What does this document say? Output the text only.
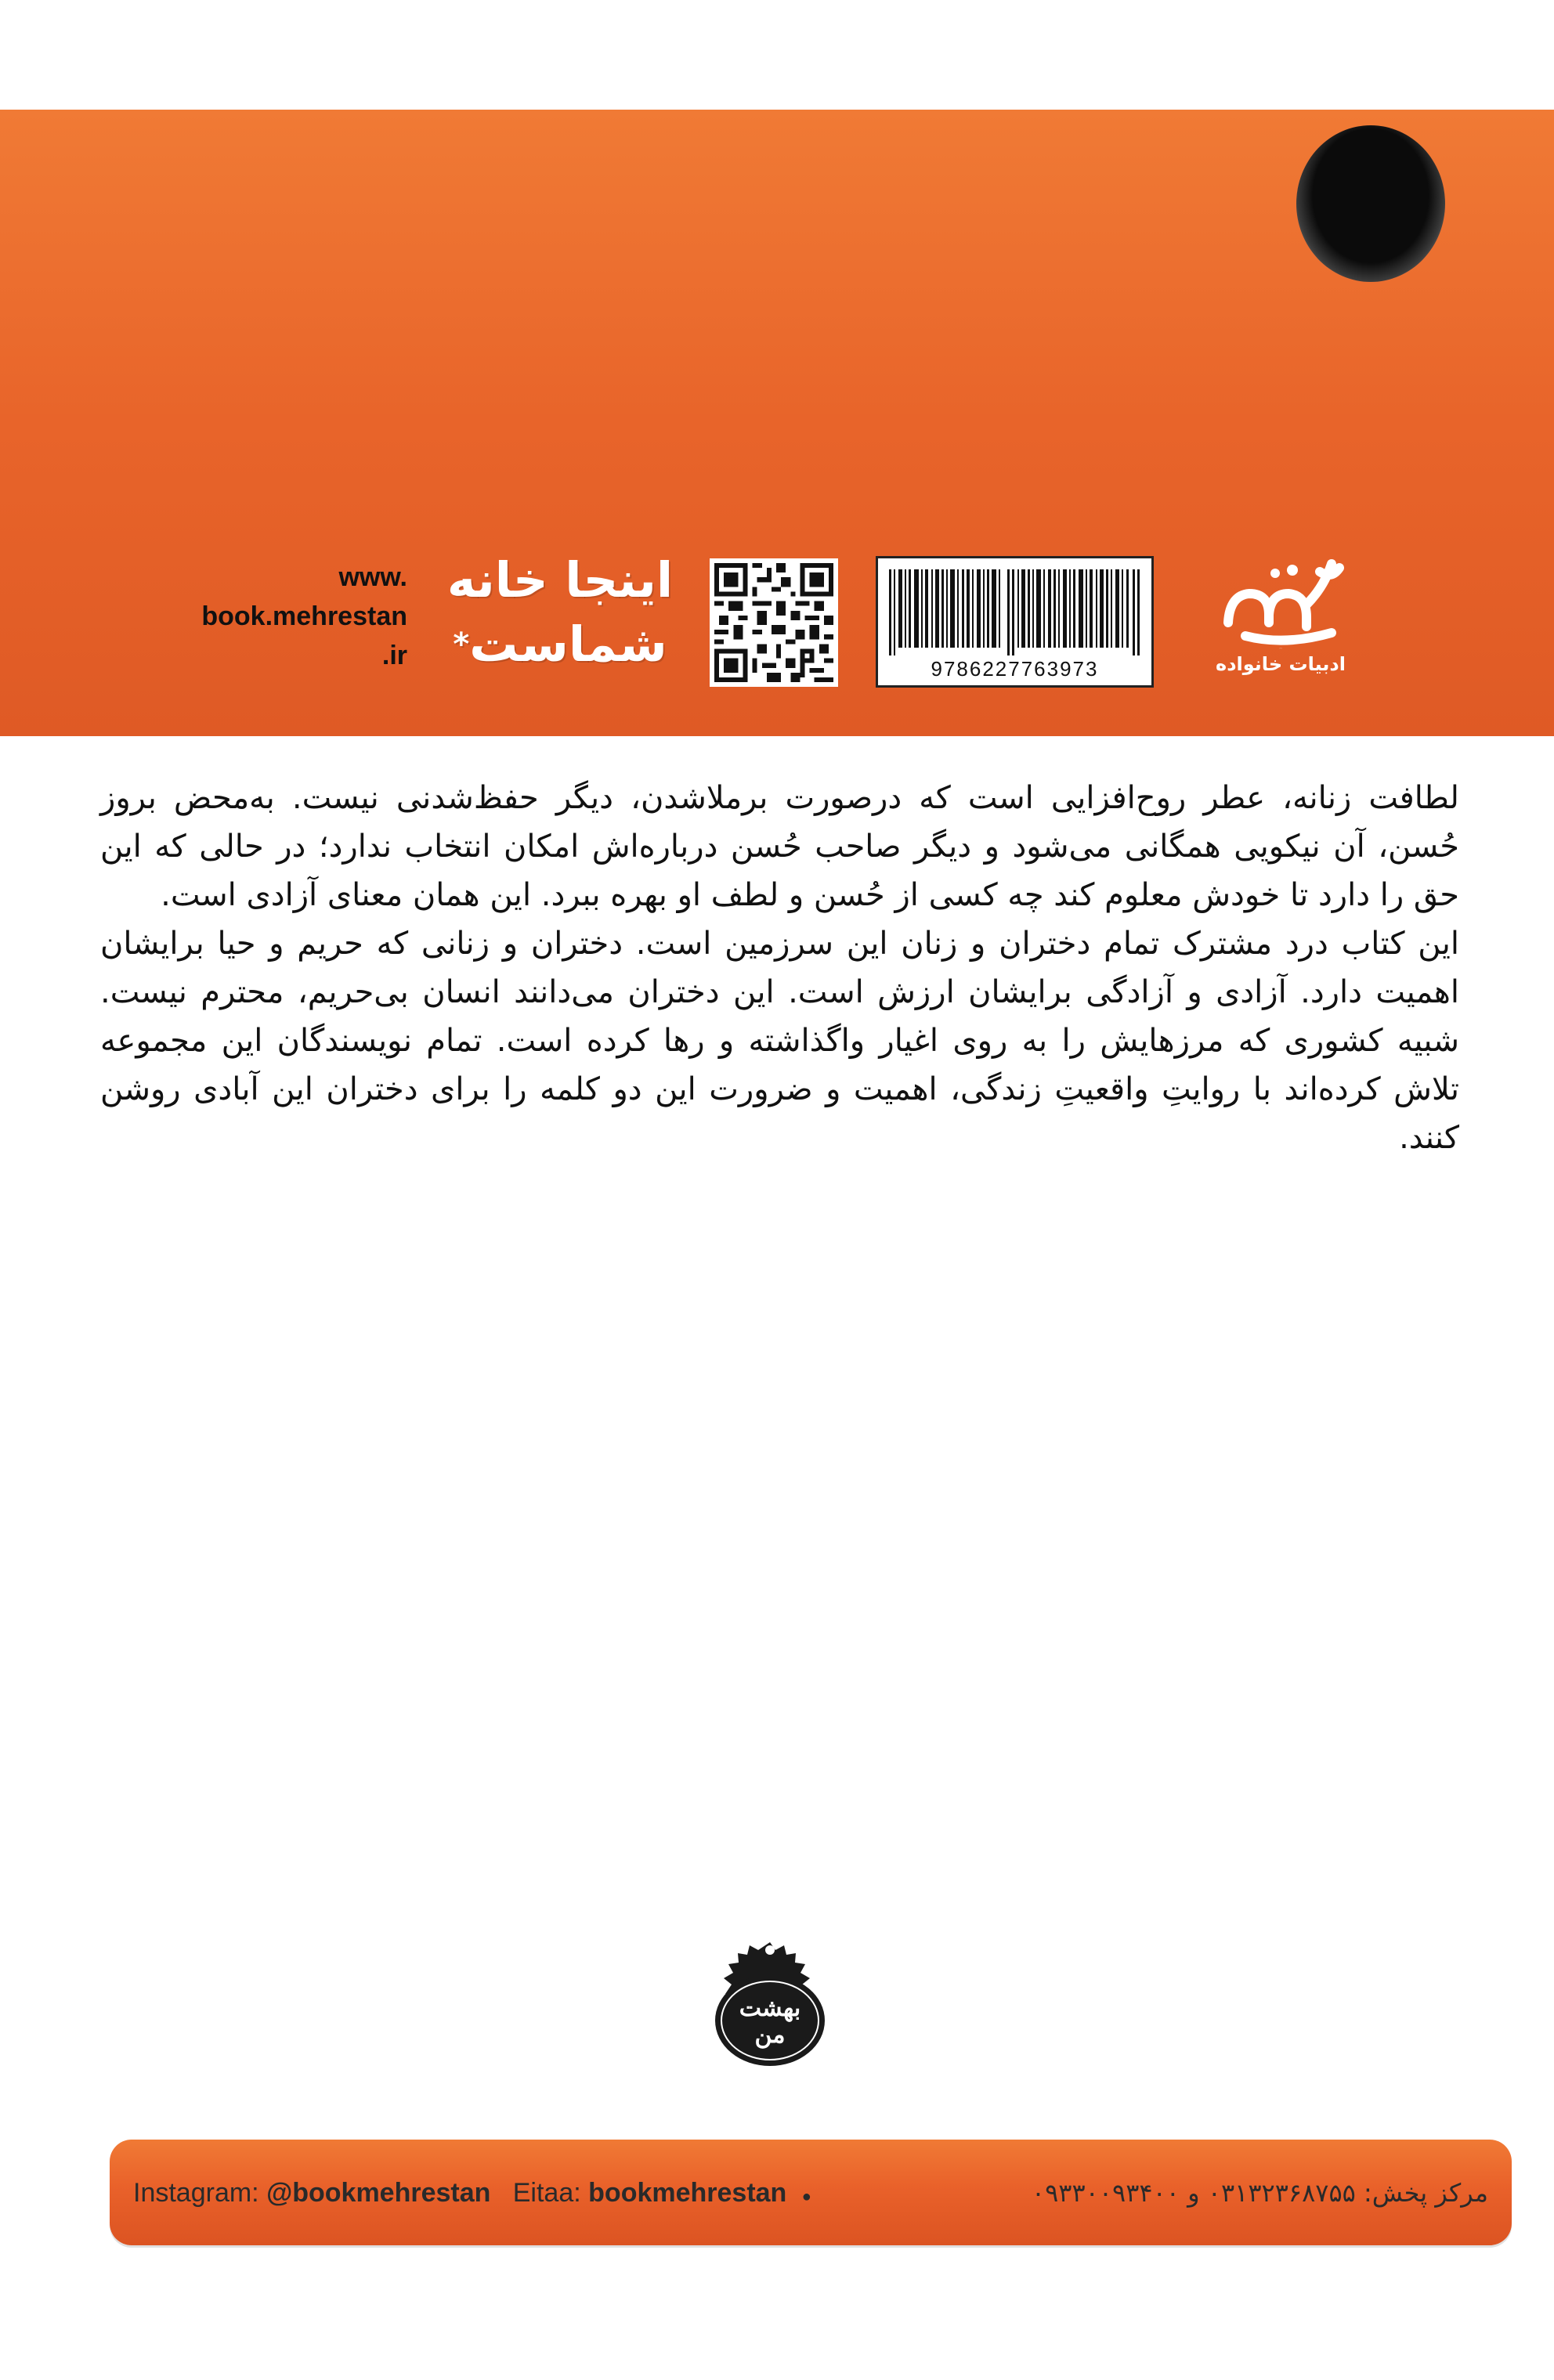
www.
book.mehrestan
.ir
اینجا خانه
شماست*
9786227763973
مهرستان
ادبیات خانواده

لطافت زنانه، عطر روح‌افزایی است که درصورت برملاشدن، دیگر حفظ‌شدنی نیست. به‌محض بروز حُسن، آن نیکویی همگانی می‌شود و دیگر صاحب حُسن درباره‌اش امکان انتخاب ندارد؛ در حالی‌ که این حق را دارد تا خودش معلوم کند چه کسی از حُسن و لطف او بهره ببرد. این همان معنای آزادی است.

این کتاب درد مشترک تمام دختران و زنان این سرزمین است. دختران و زنانی که حریم و حیا برایشان اهمیت دارد. آزادی و آزادگی برایشان ارزش است. این دختران می‌دانند انسان بی‌حریم، محترم نیست. شبیه کشوری که مرزهایش را به روی اغیار واگذاشته و رها کرده است. تمام نویسندگان این مجموعه تلاش کرده‌اند با روایتِ واقعیتِ زندگی، اهمیت و ضرورت این دو کلمه را برای دختران این آبادی روشن کنند.

بهشت
من
Instagram: @bookmehrestan Eitaa: bookmehrestan ●	مرکز پخش: ۰۳۱۳۲۳۶۸۷۵۵ و ۰۹۳۳۰۰۹۳۴۰۰
